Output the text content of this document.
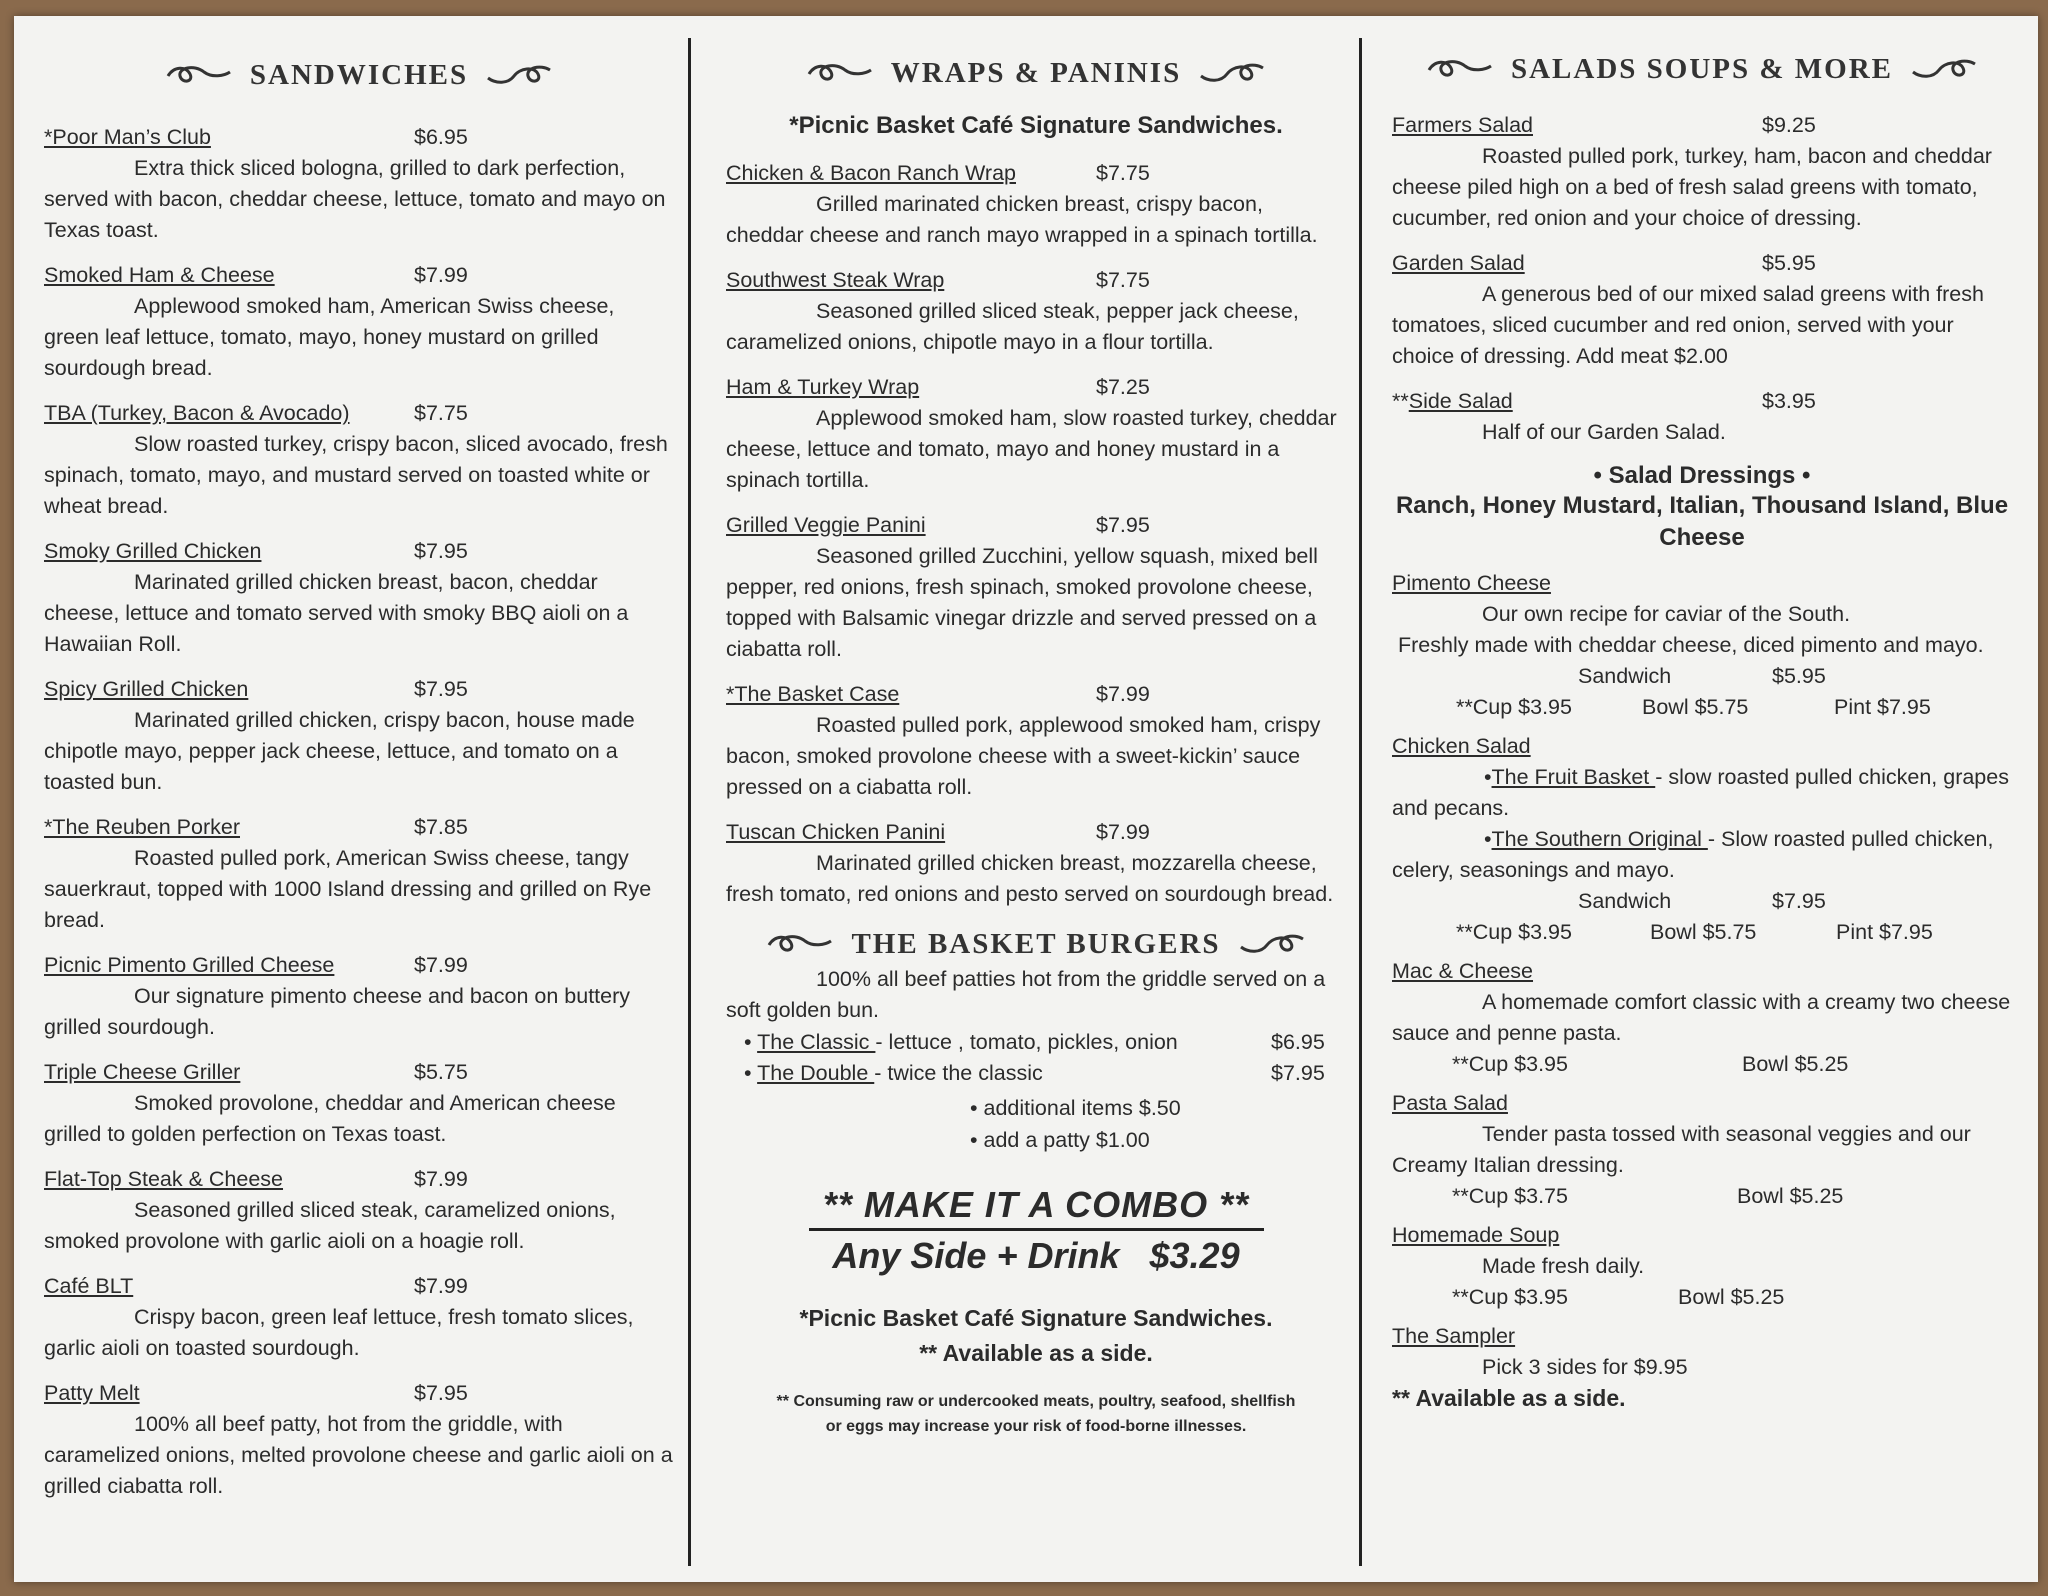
SANDWICHES
*Poor Man’s Club	$6.95
Extra thick sliced bologna, grilled to dark perfection, served with bacon, cheddar cheese, lettuce, tomato and mayo on Texas toast.
Smoked Ham & Cheese	$7.99
Applewood smoked ham, American Swiss cheese, green leaf lettuce, tomato, mayo, honey mustard on grilled sourdough bread.
TBA (Turkey, Bacon & Avocado)	$7.75
Slow roasted turkey, crispy bacon, sliced avocado, fresh spinach, tomato, mayo, and mustard served on toasted white or wheat bread.
Smoky Grilled Chicken	$7.95
Marinated grilled chicken breast, bacon, cheddar cheese, lettuce and tomato served with smoky BBQ aioli on a Hawaiian Roll.
Spicy Grilled Chicken	$7.95
Marinated grilled chicken, crispy bacon, house made chipotle mayo, pepper jack cheese, lettuce, and tomato on a toasted bun.
*The Reuben Porker	$7.85
Roasted pulled pork, American Swiss cheese, tangy sauerkraut, topped with 1000 Island dressing and grilled on Rye bread.
Picnic Pimento Grilled Cheese	$7.99
Our signature pimento cheese and bacon on buttery grilled sourdough.
Triple Cheese Griller	$5.75
Smoked provolone, cheddar and American cheese grilled to golden perfection on Texas toast.
Flat-Top Steak & Cheese	$7.99
Seasoned grilled sliced steak, caramelized onions, smoked provolone with garlic aioli on a hoagie roll.
Café BLT	$7.99
Crispy bacon, green leaf lettuce, fresh tomato slices, garlic aioli on toasted sourdough.
Patty Melt	$7.95
100% all beef patty, hot from the griddle, with caramelized onions, melted provolone cheese and garlic aioli on a grilled ciabatta roll.
WRAPS & PANINIS
*Picnic Basket Café Signature Sandwiches.
Chicken & Bacon Ranch Wrap	$7.75
Grilled marinated chicken breast, crispy bacon, cheddar cheese and ranch mayo wrapped in a spinach tortilla.
Southwest Steak Wrap	$7.75
Seasoned grilled sliced steak, pepper jack cheese, caramelized onions, chipotle mayo in a flour tortilla.
Ham & Turkey Wrap	$7.25
Applewood smoked ham, slow roasted turkey, cheddar cheese, lettuce and tomato, mayo and honey mustard in a spinach tortilla.
Grilled Veggie Panini	$7.95
Seasoned grilled Zucchini, yellow squash, mixed bell pepper, red onions, fresh spinach, smoked provolone cheese, topped with Balsamic vinegar drizzle and served pressed on a ciabatta roll.
*The Basket Case	$7.99
Roasted pulled pork, applewood smoked ham, crispy bacon, smoked provolone cheese with a sweet-kickin’ sauce pressed on a ciabatta roll.
Tuscan Chicken Panini	$7.99
Marinated grilled chicken breast, mozzarella cheese, fresh tomato, red onions and pesto served on sourdough bread.
THE BASKET BURGERS
100% all beef patties hot from the griddle served on a soft golden bun.
• The Classic - lettuce , tomato, pickles, onion	$6.95
• The Double - twice the classic	$7.95
• additional items $.50
• add a patty $1.00
** MAKE IT A COMBO **
Any Side + Drink   $3.29
*Picnic Basket Café Signature Sandwiches.
** Available as a side.
** Consuming raw or undercooked meats, poultry, seafood, shellfish
or eggs may increase your risk of food-borne illnesses.
SALADS SOUPS & MORE
Farmers Salad	$9.25
Roasted pulled pork, turkey, ham, bacon and cheddar cheese piled high on a bed of fresh salad greens with tomato, cucumber, red onion and your choice of dressing.
Garden Salad	$5.95
A generous bed of our mixed salad greens with fresh tomatoes, sliced cucumber and red onion, served with your choice of dressing. Add meat $2.00
** Side Salad	$3.95
Half of our Garden Salad.
• Salad Dressings •
Ranch, Honey Mustard, Italian, Thousand Island, Blue Cheese
Pimento Cheese
Our own recipe for caviar of the South.
Freshly made with cheddar cheese, diced pimento and mayo.
Sandwich	$5.95
**Cup $3.95	Bowl $5.75	Pint $7.95
Chicken Salad
•The Fruit Basket - slow roasted pulled chicken, grapes and pecans.
•The Southern Original - Slow roasted pulled chicken, celery, seasonings and mayo.
Sandwich	$7.95
**Cup $3.95	Bowl $5.75	Pint $7.95
Mac & Cheese
A homemade comfort classic with a creamy two cheese sauce and penne pasta.
**Cup $3.95	Bowl $5.25
Pasta Salad
Tender pasta tossed with seasonal veggies and our Creamy Italian dressing.
**Cup $3.75	Bowl $5.25
Homemade Soup
Made fresh daily.
**Cup $3.95	Bowl $5.25
The Sampler
Pick 3 sides for $9.95
** Available as a side.
